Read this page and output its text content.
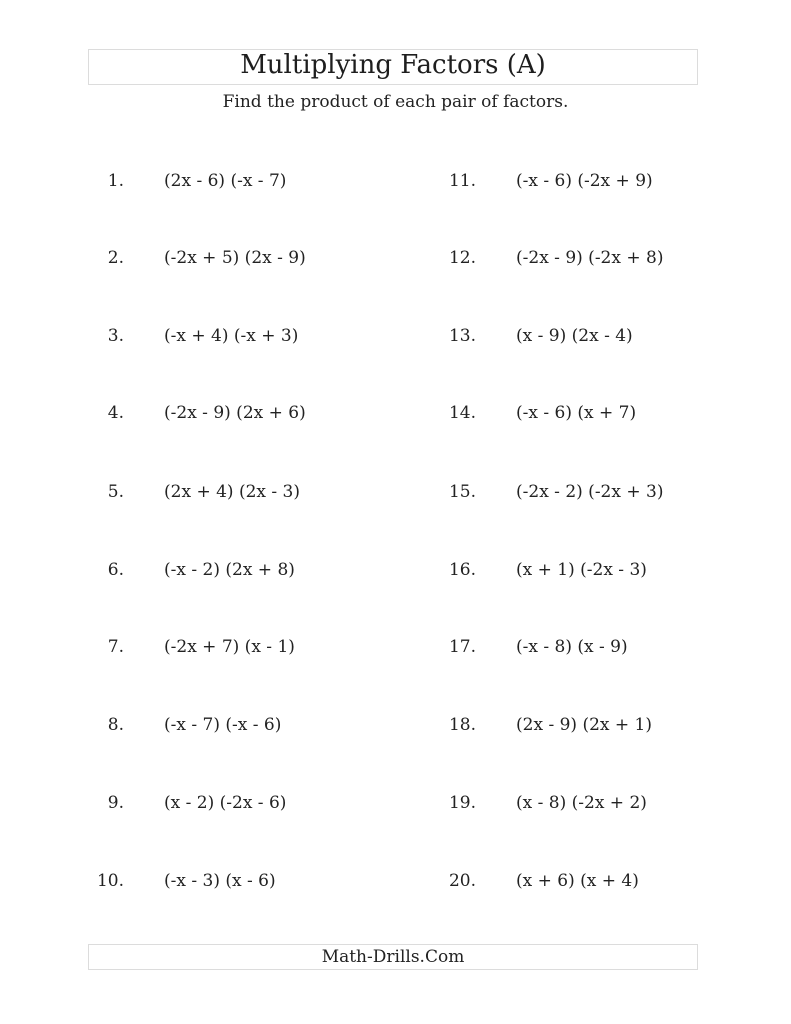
Multiplying Factors (A)
Find the product of each pair of factors.
1. (2x - 6) (-x - 7)
2. (-2x + 5) (2x - 9)
3. (-x + 4) (-x + 3)
4. (-2x - 9) (2x + 6)
5. (2x + 4) (2x - 3)
6. (-x - 2) (2x + 8)
7. (-2x + 7) (x - 1)
8. (-x - 7) (-x - 6)
9. (x - 2) (-2x - 6)
10. (-x - 3) (x - 6)
11. (-x - 6) (-2x + 9)
12. (-2x - 9) (-2x + 8)
13. (x - 9) (2x - 4)
14. (-x - 6) (x + 7)
15. (-2x - 2) (-2x + 3)
16. (x + 1) (-2x - 3)
17. (-x - 8) (x - 9)
18. (2x - 9) (2x + 1)
19. (x - 8) (-2x + 2)
20. (x + 6) (x + 4)
Math-Drills.Com
